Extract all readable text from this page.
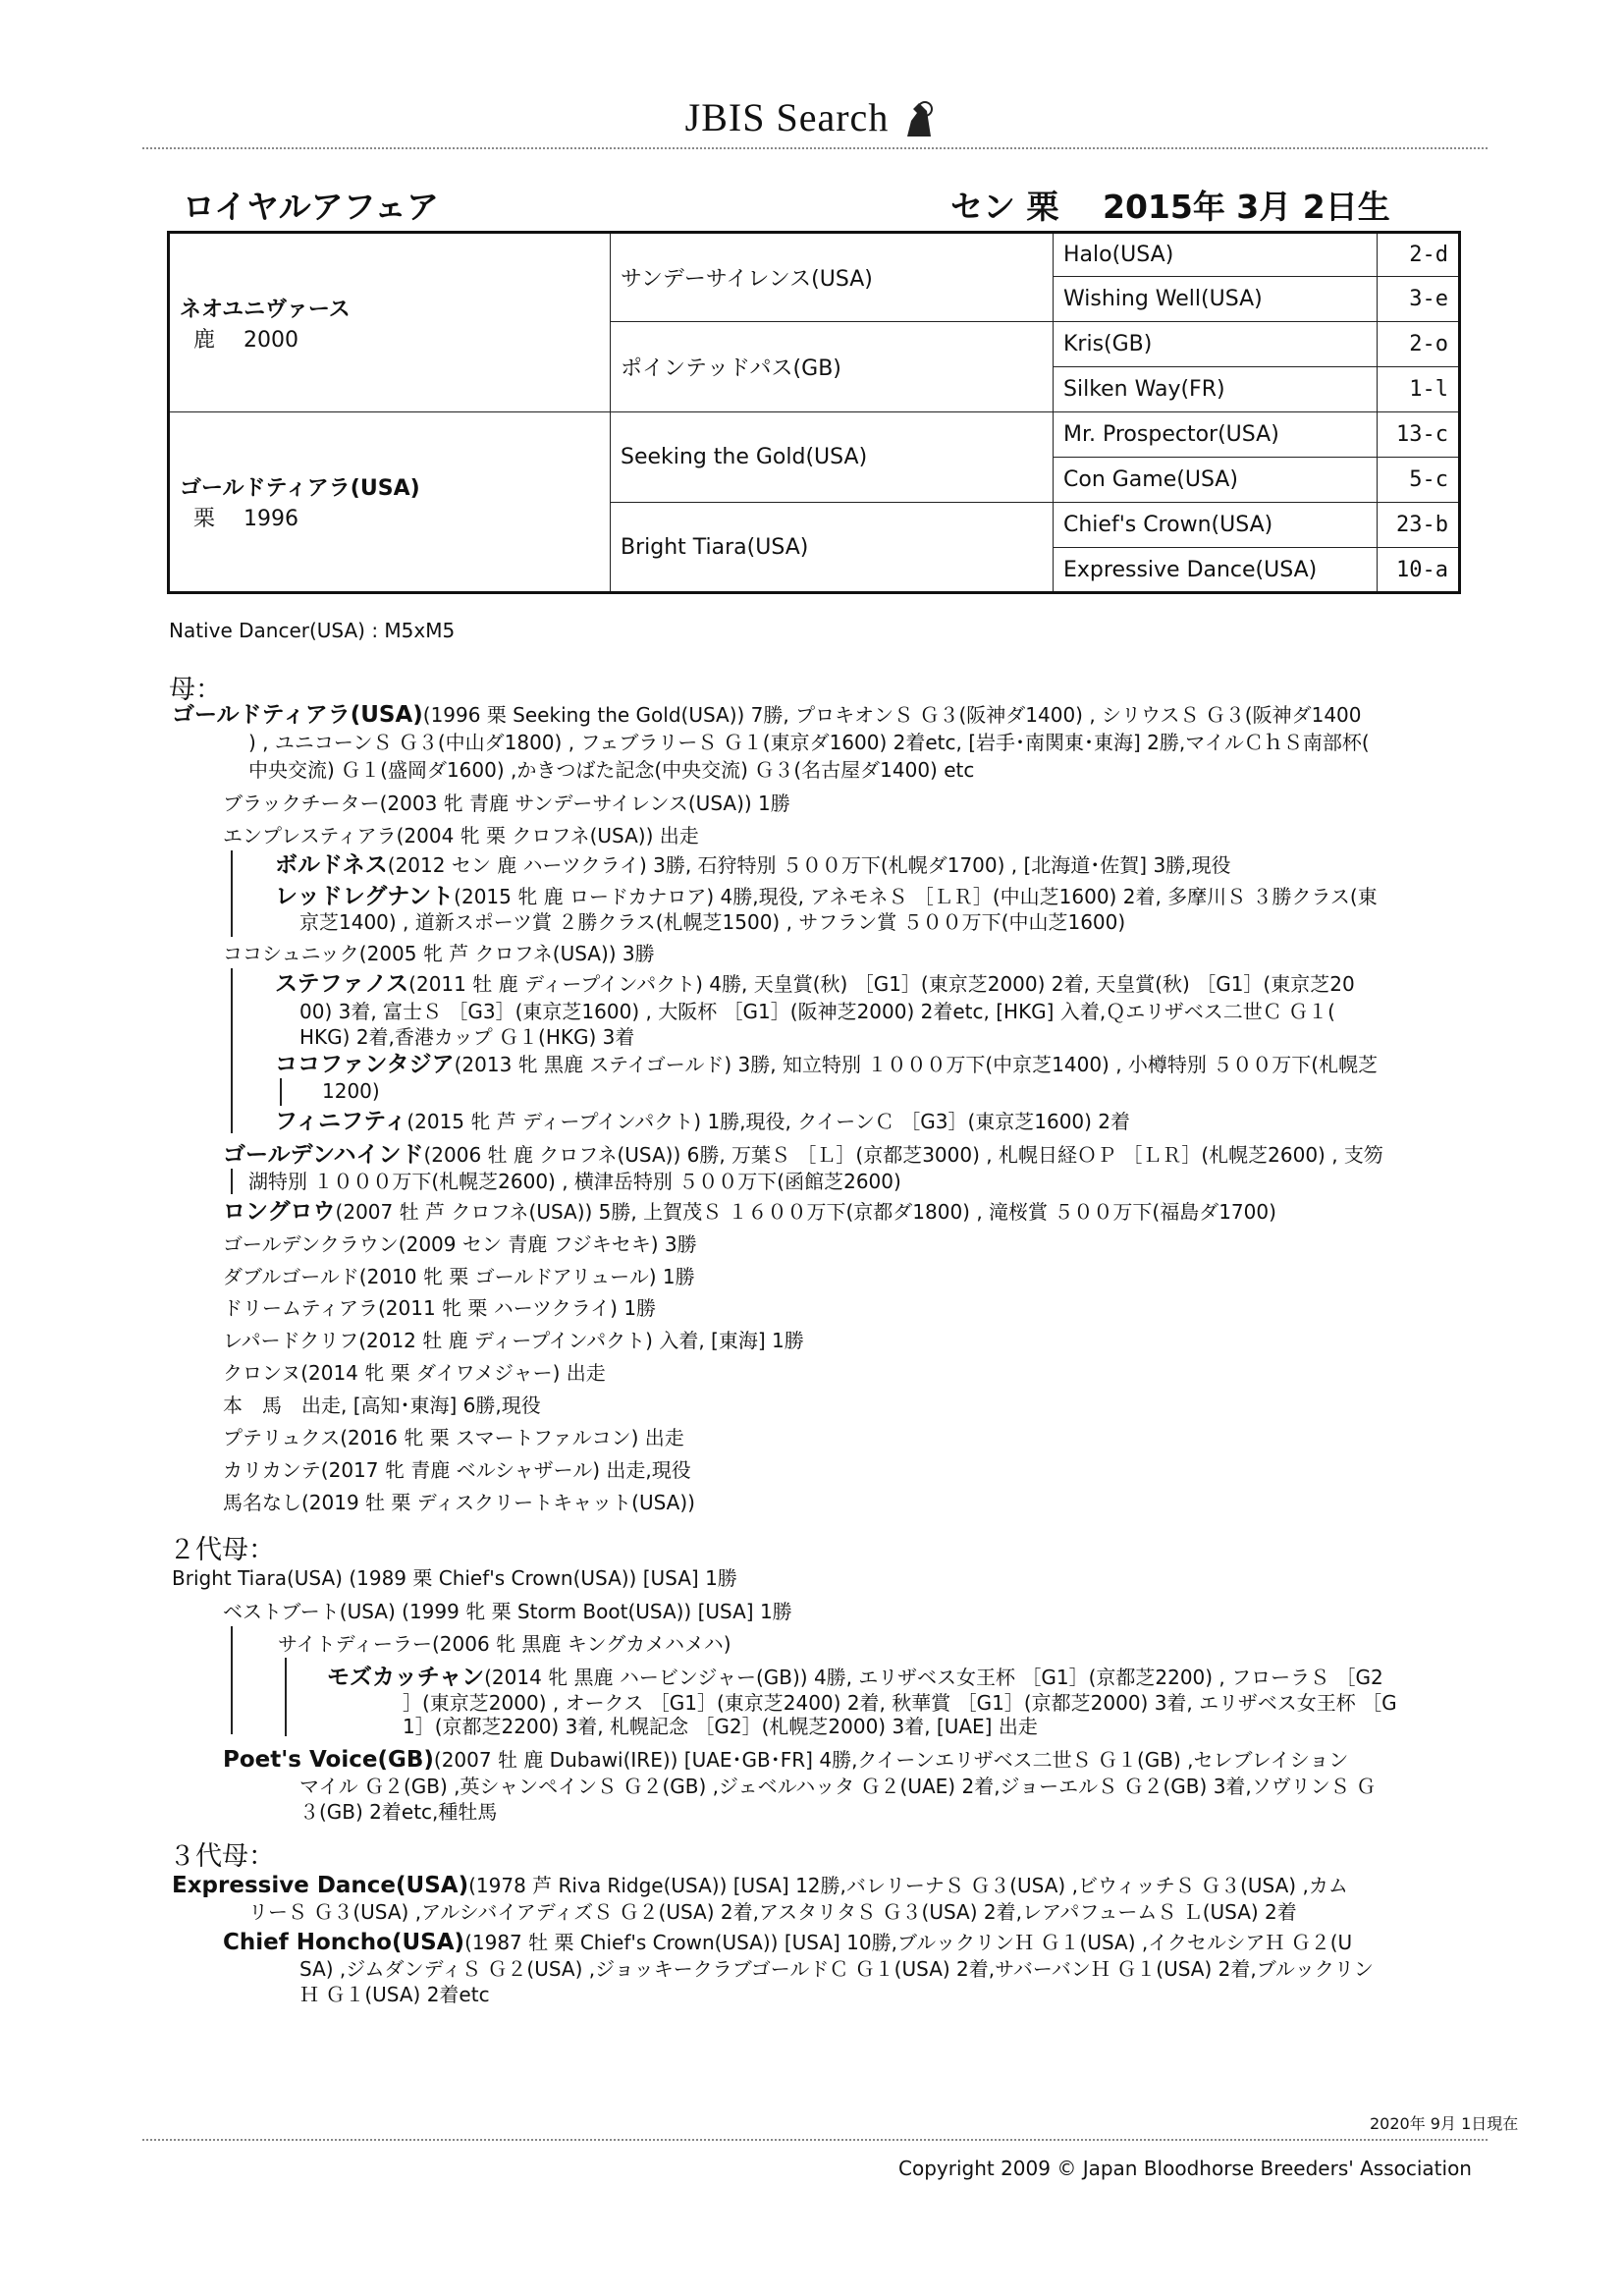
JBIS Search
ロイヤルアフェア	セン 栗　 2015年 3月 2日生
ネオユニヴァース
鹿　 2000	サンデーサイレンス(USA)	Halo(USA)	2-d
		Wishing Well(USA)	3-e
	ポインテッドパス(GB)	Kris(GB)	2-o
		Silken Way(FR)	1-l

ゴールドティアラ(USA)
栗　 1996	Seeking the Gold(USA)	Mr. Prospector(USA)	13-c
		Con Game(USA)	5-c
	Bright Tiara(USA)	Chief's Crown(USA)	23-b
		Expressive Dance(USA)	10-a
Native Dancer(USA) : M5xM5
母：
ゴールドティアラ(USA)(1996 栗 Seeking the Gold(USA)) 7勝, プロキオンＳ Ｇ３(阪神ダ1400) , シリウスＳ Ｇ３(阪神ダ1400
) , ユニコーンＳ Ｇ３(中山ダ1800) , フェブラリーＳ Ｇ１(東京ダ1600) 2着etc, [岩手･南関東･東海] 2勝,マイルＣｈＳ南部杯(
中央交流) Ｇ１(盛岡ダ1600) ,かきつばた記念(中央交流) Ｇ３(名古屋ダ1400) etc
ブラックチーター(2003 牝 青鹿 サンデーサイレンス(USA)) 1勝
エンプレスティアラ(2004 牝 栗 クロフネ(USA)) 出走
ボルドネス(2012 セン 鹿 ハーツクライ) 3勝, 石狩特別 ５００万下(札幌ダ1700) , [北海道･佐賀] 3勝,現役
レッドレグナント(2015 牝 鹿 ロードカナロア) 4勝,現役, アネモネＳ ［ＬＲ］(中山芝1600) 2着, 多摩川Ｓ ３勝クラス(東
京芝1400) , 道新スポーツ賞 ２勝クラス(札幌芝1500) , サフラン賞 ５００万下(中山芝1600)
ココシュニック(2005 牝 芦 クロフネ(USA)) 3勝
ステファノス(2011 牡 鹿 ディープインパクト) 4勝, 天皇賞(秋) ［G1］(東京芝2000) 2着, 天皇賞(秋) ［G1］(東京芝20
00) 3着, 富士Ｓ ［G3］(東京芝1600) , 大阪杯 ［G1］(阪神芝2000) 2着etc, [HKG] 入着,Ｑエリザベス二世Ｃ Ｇ１(
HKG) 2着,香港カップ Ｇ１(HKG) 3着
ココファンタジア(2013 牝 黒鹿 ステイゴールド) 3勝, 知立特別 １０００万下(中京芝1400) , 小樽特別 ５００万下(札幌芝
1200)
フィニフティ(2015 牝 芦 ディープインパクト) 1勝,現役, クイーンＣ ［G3］(東京芝1600) 2着
ゴールデンハインド(2006 牡 鹿 クロフネ(USA)) 6勝, 万葉Ｓ ［Ｌ］(京都芝3000) , 札幌日経ＯＰ ［ＬＲ］(札幌芝2600) , 支笏
湖特別 １０００万下(札幌芝2600) , 横津岳特別 ５００万下(函館芝2600)
ロングロウ(2007 牡 芦 クロフネ(USA)) 5勝, 上賀茂Ｓ １６００万下(京都ダ1800) , 滝桜賞 ５００万下(福島ダ1700)
ゴールデンクラウン(2009 セン 青鹿 フジキセキ) 3勝
ダブルゴールド(2010 牝 栗 ゴールドアリュール) 1勝
ドリームティアラ(2011 牝 栗 ハーツクライ) 1勝
レパードクリフ(2012 牡 鹿 ディープインパクト) 入着, [東海] 1勝
クロンヌ(2014 牝 栗 ダイワメジャー) 出走
本　馬　出走, [高知･東海] 6勝,現役
プテリュクス(2016 牝 栗 スマートファルコン) 出走
カリカンテ(2017 牝 青鹿 ベルシャザール) 出走,現役
馬名なし(2019 牡 栗 ディスクリートキャット(USA))
２代母：
Bright Tiara(USA) (1989 栗 Chief's Crown(USA)) [USA] 1勝
ベストブート(USA) (1999 牝 栗 Storm Boot(USA)) [USA] 1勝
サイトディーラー(2006 牝 黒鹿 キングカメハメハ)
モズカッチャン(2014 牝 黒鹿 ハービンジャー(GB)) 4勝, エリザベス女王杯 ［G1］(京都芝2200) , フローラＳ ［G2
］(東京芝2000) , オークス ［G1］(東京芝2400) 2着, 秋華賞 ［G1］(京都芝2000) 3着, エリザベス女王杯 ［G
1］(京都芝2200) 3着, 札幌記念 ［G2］(札幌芝2000) 3着, [UAE] 出走
Poet's Voice(GB)(2007 牡 鹿 Dubawi(IRE)) [UAE･GB･FR] 4勝,クイーンエリザベス二世Ｓ Ｇ１(GB) ,セレブレイション
マイル Ｇ２(GB) ,英シャンペインＳ Ｇ２(GB) ,ジェベルハッタ Ｇ２(UAE) 2着,ジョーエルＳ Ｇ２(GB) 3着,ソヴリンＳ Ｇ
３(GB) 2着etc,種牡馬
３代母：
Expressive Dance(USA)(1978 芦 Riva Ridge(USA)) [USA] 12勝,バレリーナＳ Ｇ３(USA) ,ビウィッチＳ Ｇ３(USA) ,カム
リーＳ Ｇ３(USA) ,アルシバイアディズＳ Ｇ２(USA) 2着,アスタリタＳ Ｇ３(USA) 2着,レアパフュームＳ Ｌ(USA) 2着
Chief Honcho(USA)(1987 牡 栗 Chief's Crown(USA)) [USA] 10勝,ブルックリンＨ Ｇ１(USA) ,イクセルシアＨ Ｇ２(U
SA) ,ジムダンディＳ Ｇ２(USA) ,ジョッキークラブゴールドＣ Ｇ１(USA) 2着,サバーバンＨ Ｇ１(USA) 2着,ブルックリン
Ｈ Ｇ１(USA) 2着etc
2020年 9月 1日現在
Copyright 2009 © Japan Bloodhorse Breeders' Association
